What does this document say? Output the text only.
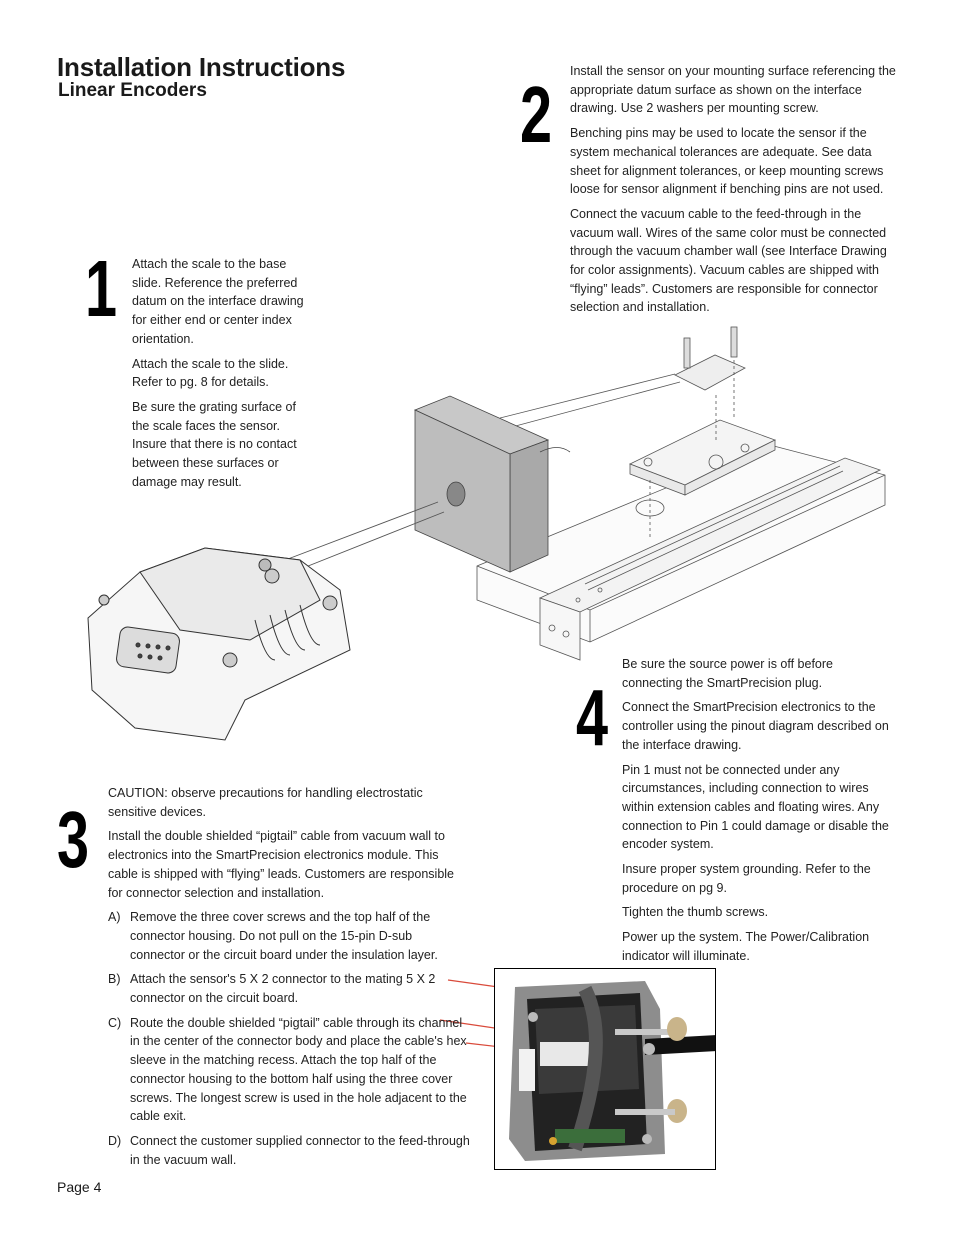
Installation Instructions
Linear Encoders
1 Attach the scale to the base slide. Reference the preferred datum on the interface drawing for either end or center index orientation.

Attach the scale to the slide. Refer to pg. 8 for details.

Be sure the grating surface of the scale faces the sensor. Insure that there is no contact between these surfaces or damage may result.

2 Install the sensor on your mounting surface referencing the appropriate datum surface as shown on the interface drawing. Use 2 washers per mounting screw.

Benching pins may be used to locate the sensor if the system mechanical tolerances are adequate. See data sheet for alignment tolerances, or keep mounting screws loose for sensor alignment if benching pins are not used.

Connect the vacuum cable to the feed-through in the vacuum wall. Wires of the same color must be connected through the vacuum chamber wall (see Interface Drawing for color assignments). Vacuum cables are shipped with “flying” leads”. Customers are responsible for connector selection and installation.

3

CAUTION: observe precautions for handling electrostatic sensitive devices.

Install the double shielded “pigtail” cable from vacuum wall to electronics into the SmartPrecision electronics module. This cable is shipped with “flying” leads. Customers are responsible for connector selection and installation.

A) Remove the three cover screws and the top half of the connector housing. Do not pull on the 15-pin D-sub connector or the circuit board under the insulation layer.
B) Attach the sensor's 5 X 2 connector to the mating 5 X 2 connector on the circuit board.
C) Route the double shielded “pigtail” cable through its channel in the center of the connector body and place the cable's hex sleeve in the matching recess. Attach the top half of the connector housing to the bottom half using the three cover screws. The longest screw is used in the hole adjacent to the cable exit.
D) Connect the customer supplied connector to the feed-through in the vacuum wall.
4

Be sure the source power is off before connecting the SmartPrecision plug.

Connect the SmartPrecision electronics to the controller using the pinout diagram described on the interface drawing.

Pin 1 must not be connected under any circumstances, including connection to wires within extension cables and floating wires. Any connection to Pin 1 could damage or disable the encoder system.

Insure proper system grounding. Refer to the procedure on pg 9.

Tighten the thumb screws.

Power up the system. The Power/Calibration indicator will illuminate.

Page 4
